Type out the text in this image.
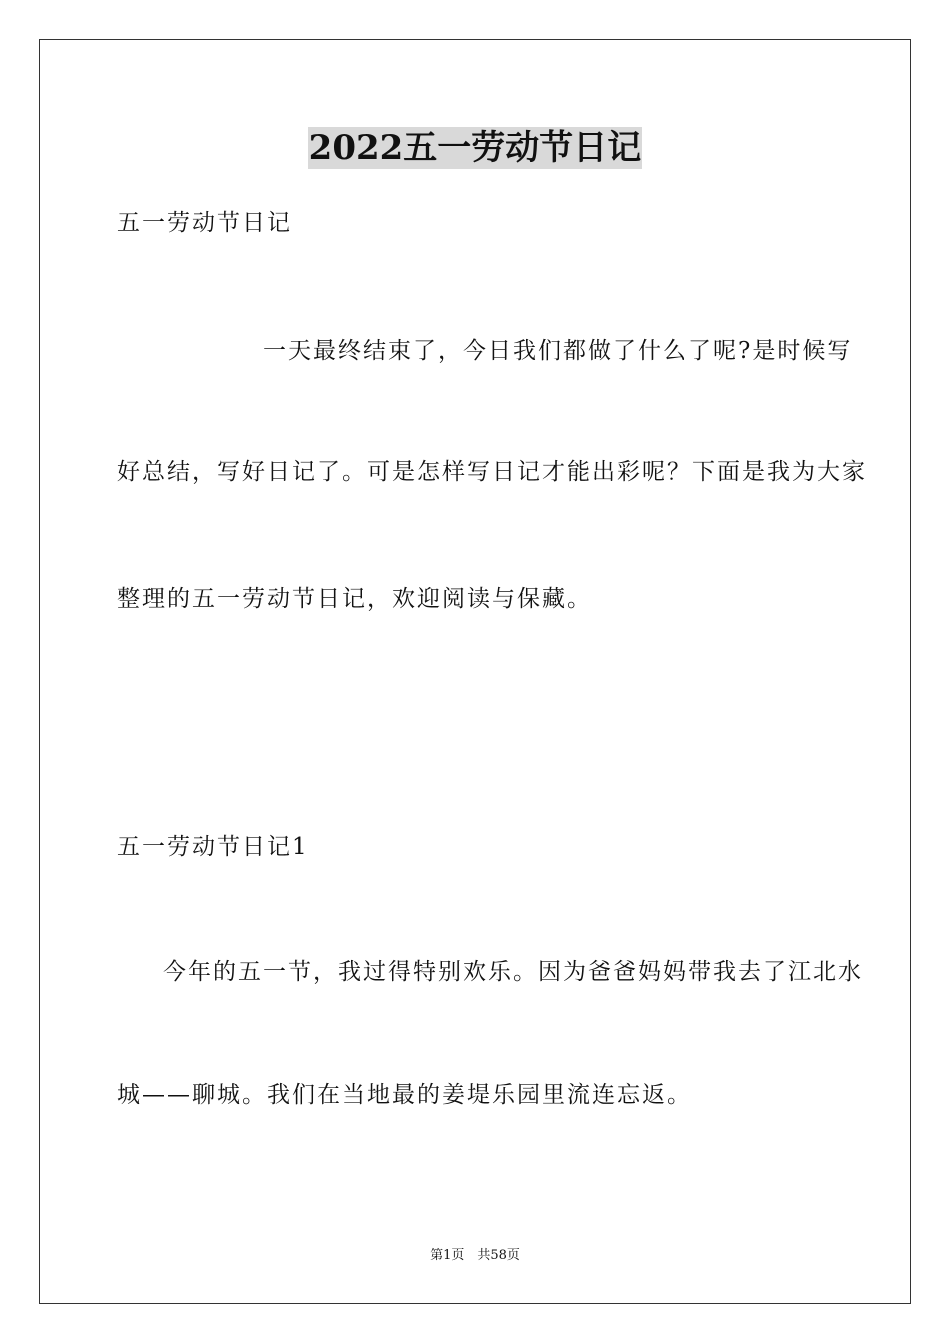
2022五一劳动节日记
五一劳动节日记
一天最终结束了，今日我们都做了什么了呢?是时候写
好总结，写好日记了。可是怎样写日记才能出彩呢？下面是我为大家
整理的五一劳动节日记，欢迎阅读与保藏。
五一劳动节日记1
今年的五一节，我过得特别欢乐。因为爸爸妈妈带我去了江北水
城——聊城。我们在当地最的姜堤乐园里流连忘返。
第1页　共58页
